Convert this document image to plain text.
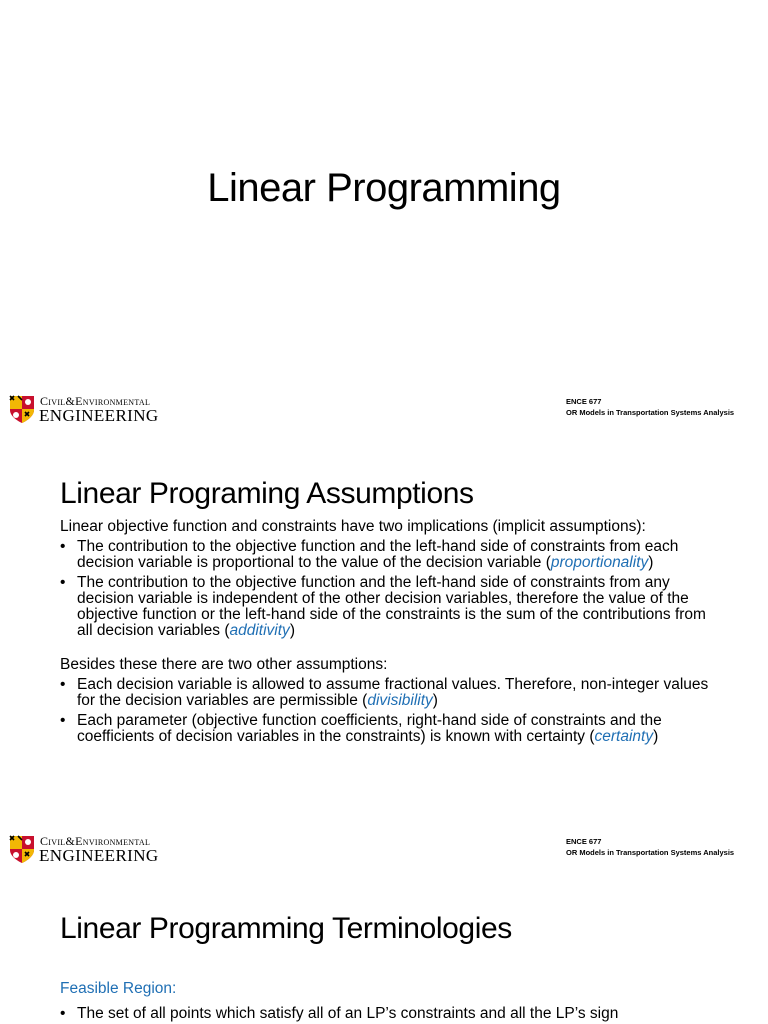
Linear Programming
Civil&Environmental
ENGINEERING
ENCE 677
OR Models in Transportation Systems Analysis
Linear Programing Assumptions

Linear objective function and constraints have two implications (implicit assumptions):

• The contribution to the objective function and the left-hand side of constraints from each decision variable is proportional to the value of the decision variable (proportionality)
• The contribution to the objective function and the left-hand side of constraints from any decision variable is independent of the other decision variables, therefore the value of the objective function or the left-hand side of the constraints is the sum of the contributions from all decision variables (additivity)

Besides these there are two other assumptions:

• Each decision variable is allowed to assume fractional values. Therefore, non-integer values for the decision variables are permissible (divisibility)
• Each parameter (objective function coefficients, right-hand side of constraints and the coefficients of decision variables in the constraints) is known with certainty (certainty)
Civil&Environmental
ENGINEERING
ENCE 677
OR Models in Transportation Systems Analysis
Linear Programming Terminologies
Feasible Region:
• The set of all points which satisfy all of an LP’s constraints and all the LP’s sign
